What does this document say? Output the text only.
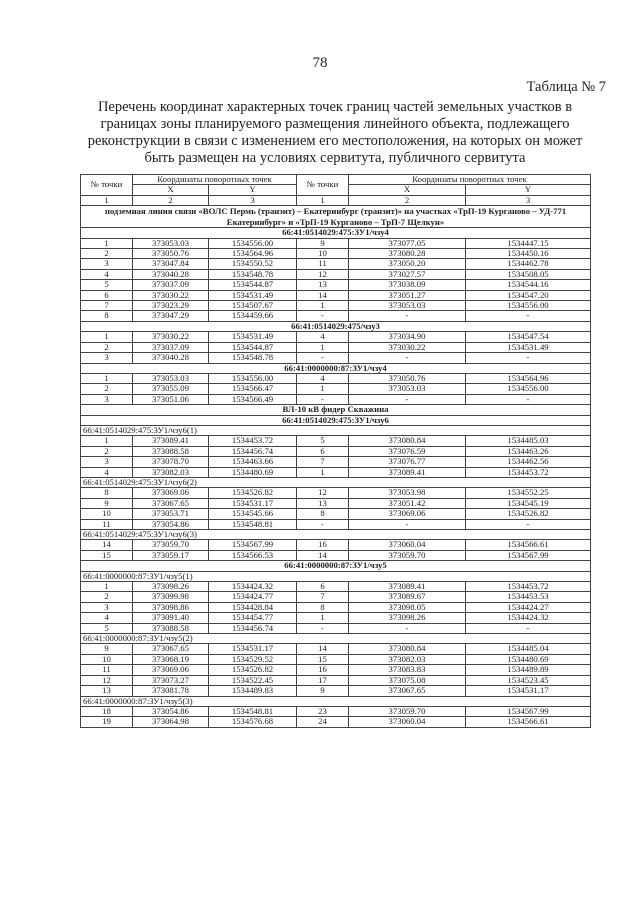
78
Таблица № 7
Перечень координат характерных точек границ частей земельных участков в границах зоны планируемого размещения линейного объекта, подлежащего реконструкции в связи с изменением его местоположения, на которых он может быть размещен на условиях сервитута, публичного сервитута
№ точки	Координаты поворотных точек		№ точки	Координаты поворотных точек	
	X	Y		X	Y
1	2	3	1	2	3
подземная линия связи «ВОЛС Пермь (транзит) – Екатеринбург (транзит)» на участках «ТрП-19 Курганово – УД-771 Екатеринбург» и «ТрП-19 Курганово – ТрП-7 Щелкун»					
66:41:0514029:475:ЗУ1/чзу4					
1	373053.03	1534556.00	9	373077.05	1534447.15
2	373050.76	1534564.96	10	373080.28	1534450.16
3	373047.84	1534550.52	11	373050.20	1534462.78
4	373040.28	1534548.78	12	373027.57	1534508.05
5	373037.09	1534544.87	13	373038.09	1534544.16
6	373030.22	1534531.49	14	373051.27	1534547.20
7	373023.29	1534507.67	1	373053.03	1534556.00
8	373047.29	1534459.66	-	-	-
66:41:0514029:475/чзу3					
1	373030.22	1534531.49	4	373034.90	1534547.54
2	373037.09	1534544.87	1	373030.22	1534531.49
3	373040.28	1534548.78	-	-	-
66:41:0000000:87:ЗУ1/чзу4					
1	373053.03	1534556.00	4	373050.76	1534564.96
2	373055.09	1534566.47	1	373053.03	1534556.00
3	373051.06	1534566.49	-	-	-
ВЛ-10 кВ фидер Скважина					
66:41:0514029:475:ЗУ1/чзу6					
66:41:0514029:475:ЗУ1/чзу6(1)					
1	373089.41	1534453.72	5	373080.84	1534485.03
2	373088.58	1534456.74	6	373076.59	1534463.26
3	373078.70	1534463.66	7	373076.77	1534462.56
4	373082.03	1534480.69	1	373089.41	1534453.72
66:41:0514029:475:ЗУ1/чзу6(2)					
8	373069.06	1534526.82	12	373053.98	1534552.25
9	373067.65	1534531.17	13	373051.42	1534545.19
10	373053.71	1534545.66	8	373069.06	1534526.82
11	373054.86	1534548.81	-	-	-
66:41:0514029:475:ЗУ1/чзу6(3)					
14	373059.70	1534567.99	16	373060.04	1534566.61
15	373059.17	1534566.53	14	373059.70	1534567.99
66:41:0000000:87:ЗУ1/чзу5					
66:41:0000000:87:ЗУ1/чзу5(1)					
1	373098.26	1534424.32	6	373089.41	1534453.72
2	373099.98	1534424.77	7	373089.67	1534453.53
3	373098.86	1534428.84	8	373098.05	1534424.27
4	373091.40	1534454.77	1	373098.26	1534424.32
5	373088.58	1534456.74	-	-	-
66:41:0000000:87:ЗУ1/чзу5(2)					
9	373067.65	1534531.17	14	373080.84	1534485.04
10	373068.19	1534529.52	15	373082.03	1534480.69
11	373069.06	1534526.82	16	373083.83	1534489.89
12	373073.27	1534522.45	17	373075.08	1534523.45
13	373081.78	1534489.83	9	373067.65	1534531.17
66:41:0000000:87:ЗУ1/чзу5(3)					
18	373054.86	1534548.81	23	373059.70	1534567.99
19	373064.98	1534576.68	24	373060.04	1534566.61
